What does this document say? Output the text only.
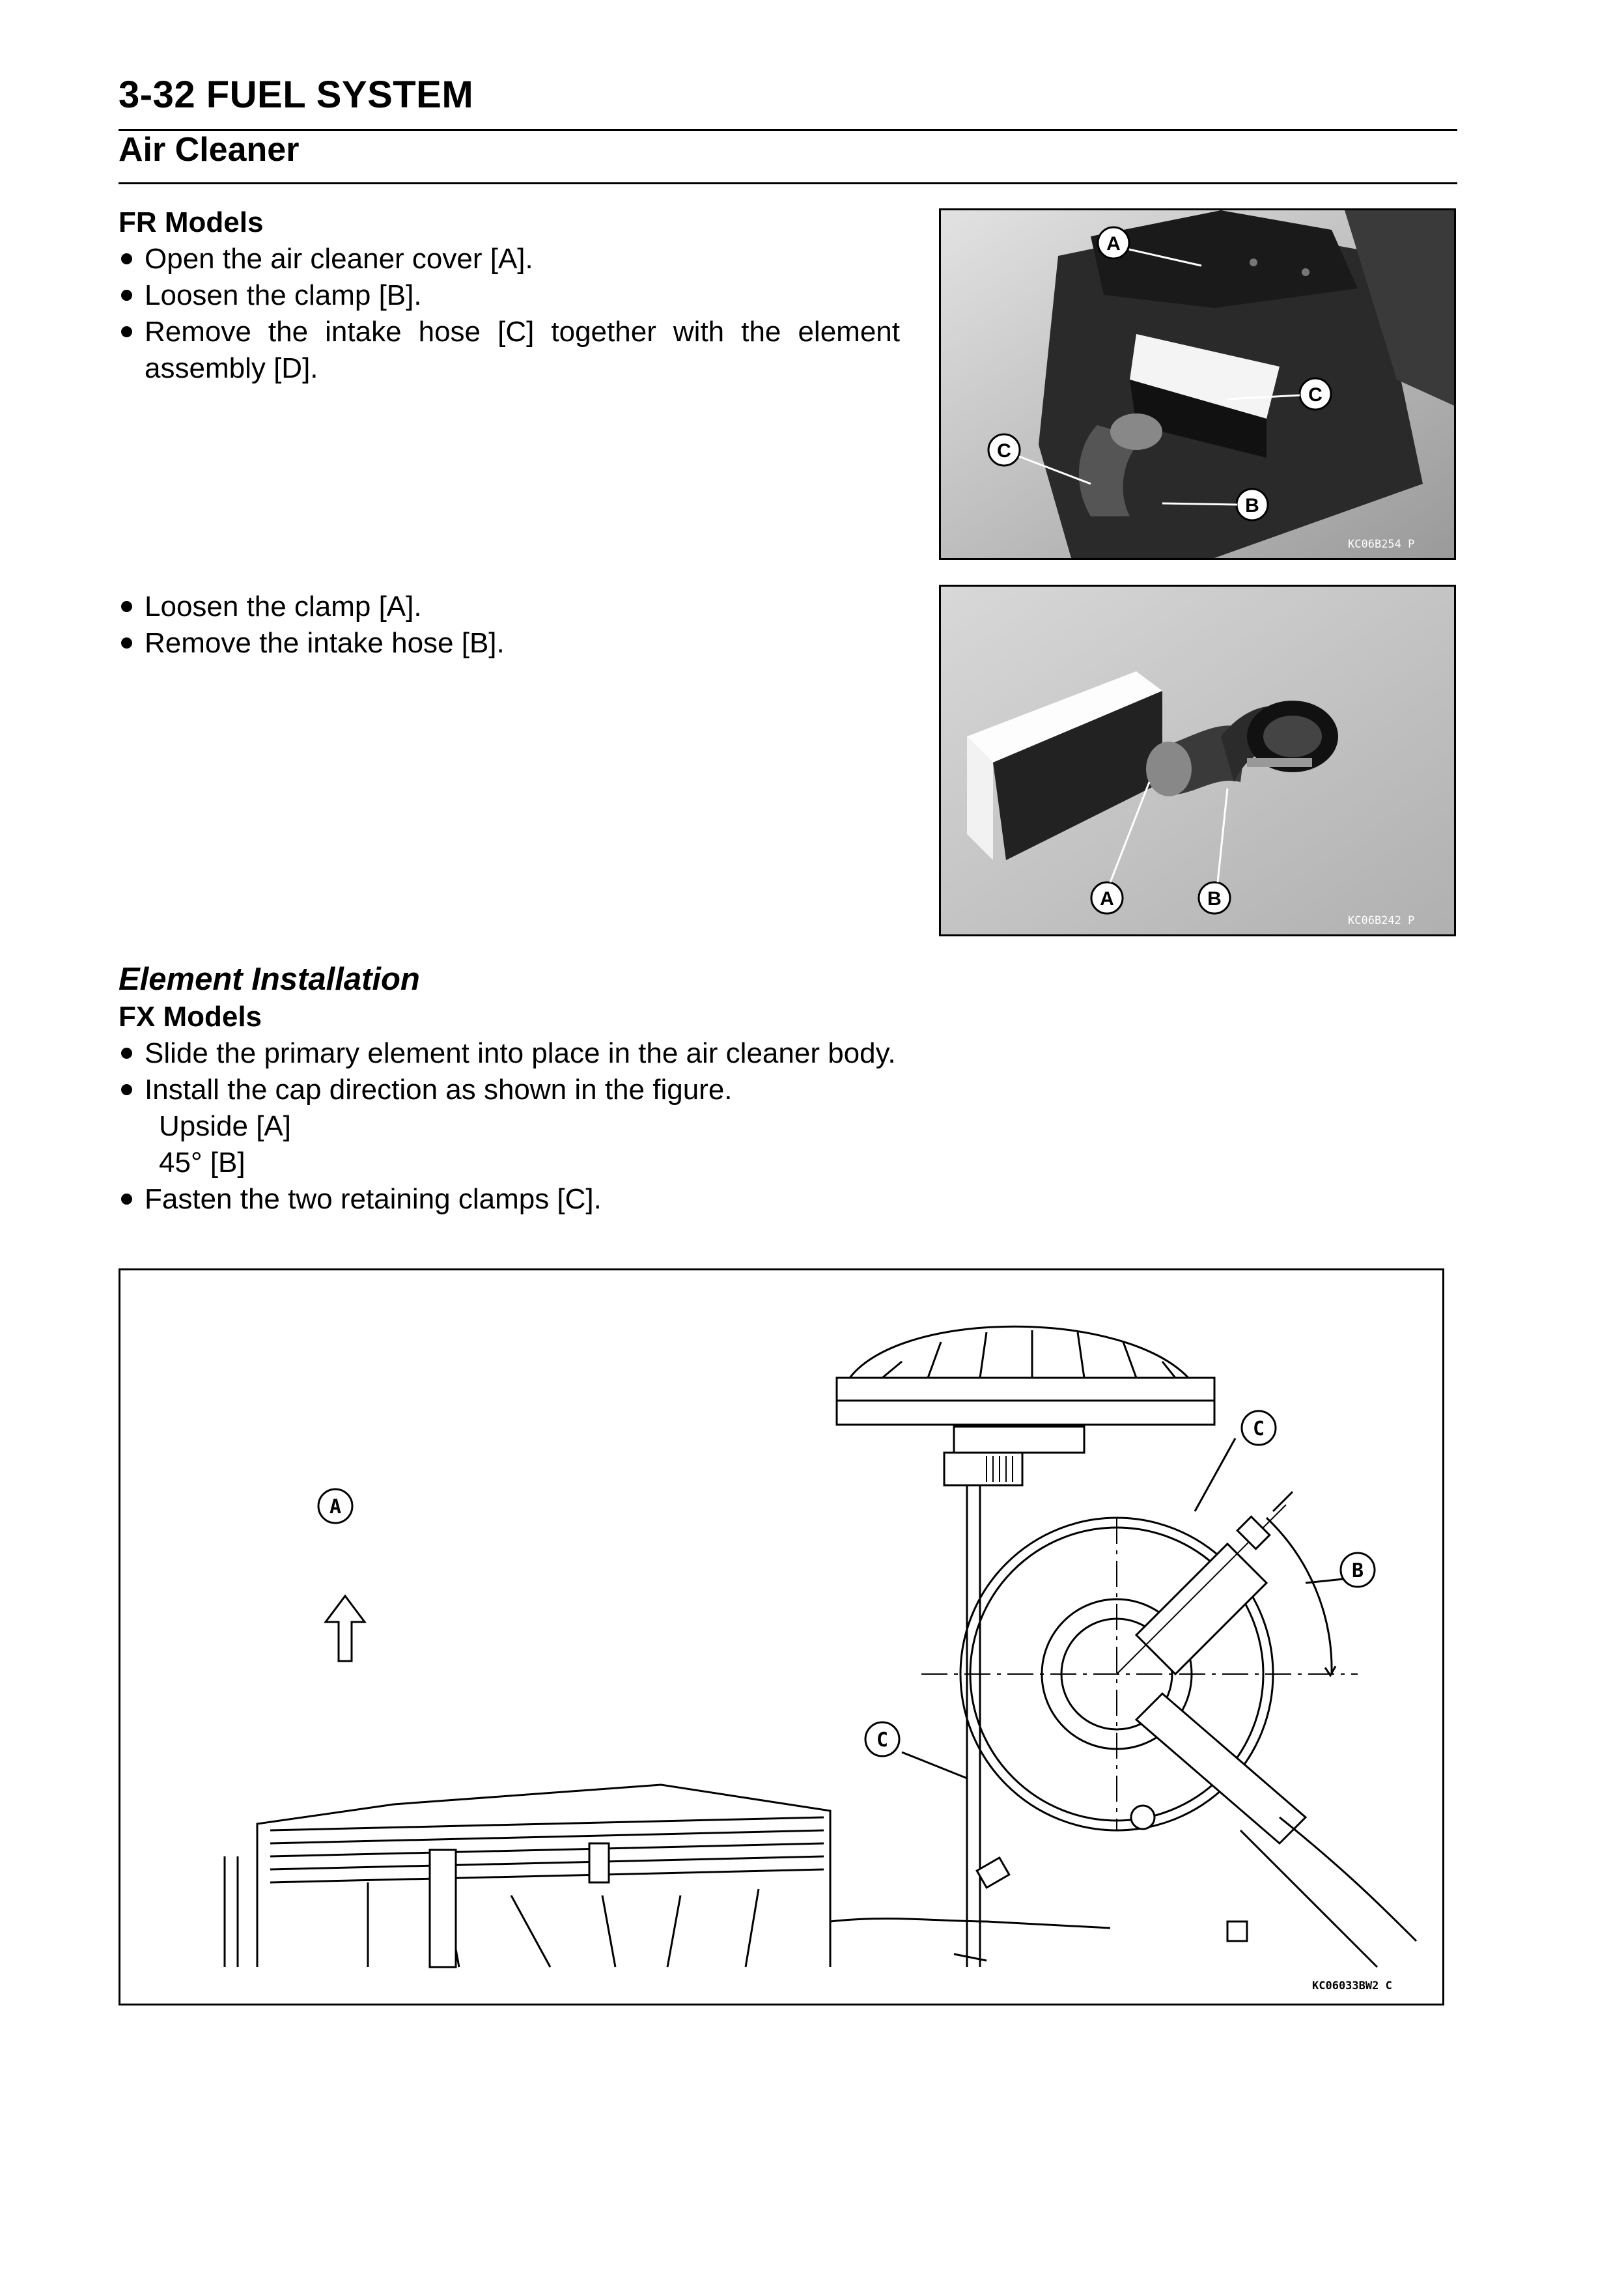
3-32 FUEL SYSTEM
Air Cleaner
FR Models
Open the air cleaner cover [A].
Loosen the clamp [B].
Remove the intake hose [C] together with the element assembly [D].
A
C
C
B
KC06B254 P
Loosen the clamp [A].
Remove the intake hose [B].
A	B
KC06B242 P
Element Installation
FX Models
Slide the primary element into place in the air cleaner body.
Install the cap direction as shown in the figure.
Upside [A]
45° [B]
Fasten the two retaining clamps [C].
A
B
C
C
KC06033BW2 C
